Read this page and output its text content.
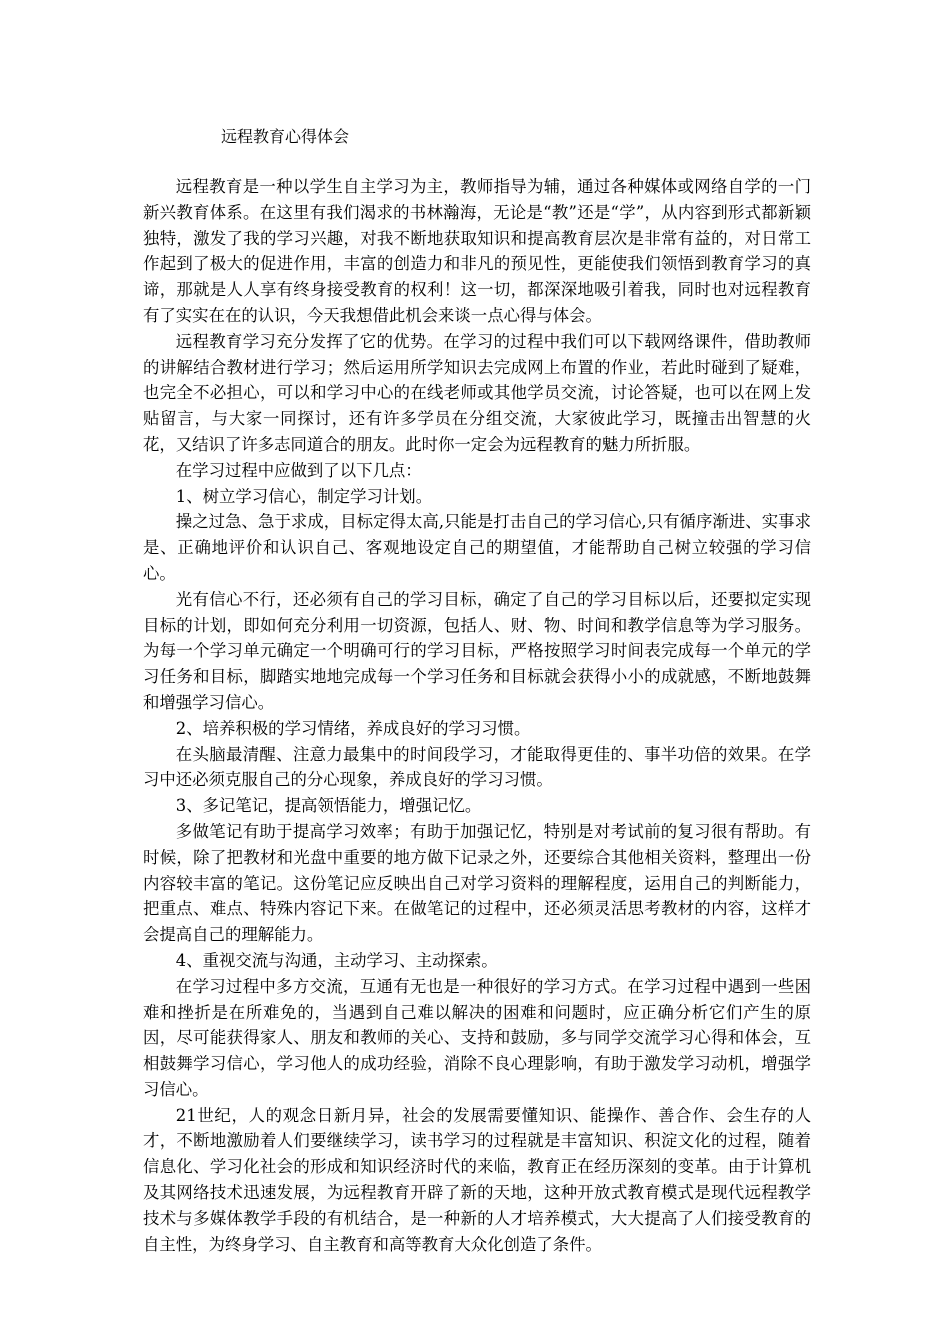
远程教育心得体会

远程教育是一种以学生自主学习为主，教师指导为辅，通过各种媒体或网络自学的一门新兴教育体系。在这里有我们渴求的书林瀚海，无论是“教”还是“学”，从内容到形式都新颖独特，激发了我的学习兴趣，对我不断地获取知识和提高教育层次是非常有益的，对日常工作起到了极大的促进作用，丰富的创造力和非凡的预见性，更能使我们领悟到教育学习的真谛，那就是人人享有终身接受教育的权利！这一切，都深深地吸引着我，同时也对远程教育有了实实在在的认识，今天我想借此机会来谈一点心得与体会。

远程教育学习充分发挥了它的优势。在学习的过程中我们可以下载网络课件，借助教师的讲解结合教材进行学习；然后运用所学知识去完成网上布置的作业，若此时碰到了疑难，也完全不必担心，可以和学习中心的在线老师或其他学员交流，讨论答疑，也可以在网上发贴留言，与大家一同探讨，还有许多学员在分组交流，大家彼此学习，既撞击出智慧的火花，又结识了许多志同道合的朋友。此时你一定会为远程教育的魅力所折服。

在学习过程中应做到了以下几点：

1、树立学习信心，制定学习计划。

操之过急、急于求成，目标定得太高,只能是打击自己的学习信心,只有循序渐进、实事求是、正确地评价和认识自己、客观地设定自己的期望值，才能帮助自己树立较强的学习信心。

光有信心不行，还必须有自己的学习目标，确定了自己的学习目标以后，还要拟定实现目标的计划，即如何充分利用一切资源，包括人、财、物、时间和教学信息等为学习服务。为每一个学习单元确定一个明确可行的学习目标，严格按照学习时间表完成每一个单元的学习任务和目标，脚踏实地地完成每一个学习任务和目标就会获得小小的成就感，不断地鼓舞和增强学习信心。

2、培养积极的学习情绪，养成良好的学习习惯。

在头脑最清醒、注意力最集中的时间段学习，才能取得更佳的、事半功倍的效果。在学习中还必须克服自己的分心现象，养成良好的学习习惯。

3、多记笔记，提高领悟能力，增强记忆。

多做笔记有助于提高学习效率；有助于加强记忆，特别是对考试前的复习很有帮助。有时候，除了把教材和光盘中重要的地方做下记录之外，还要综合其他相关资料，整理出一份内容较丰富的笔记。这份笔记应反映出自己对学习资料的理解程度，运用自己的判断能力，把重点、难点、特殊内容记下来。在做笔记的过程中，还必须灵活思考教材的内容，这样才会提高自己的理解能力。

4、重视交流与沟通，主动学习、主动探索。

在学习过程中多方交流，互通有无也是一种很好的学习方式。在学习过程中遇到一些困难和挫折是在所难免的，当遇到自己难以解决的困难和问题时，应正确分析它们产生的原因，尽可能获得家人、朋友和教师的关心、支持和鼓励，多与同学交流学习心得和体会，互相鼓舞学习信心，学习他人的成功经验，消除不良心理影响，有助于激发学习动机，增强学习信心。

21世纪，人的观念日新月异，社会的发展需要懂知识、能操作、善合作、会生存的人才，不断地激励着人们要继续学习，读书学习的过程就是丰富知识、积淀文化的过程，随着信息化、学习化社会的形成和知识经济时代的来临，教育正在经历深刻的变革。由于计算机及其网络技术迅速发展，为远程教育开辟了新的天地，这种开放式教育模式是现代远程教学技术与多媒体教学手段的有机结合，是一种新的人才培养模式，大大提高了人们接受教育的自主性，为终身学习、自主教育和高等教育大众化创造了条件。
